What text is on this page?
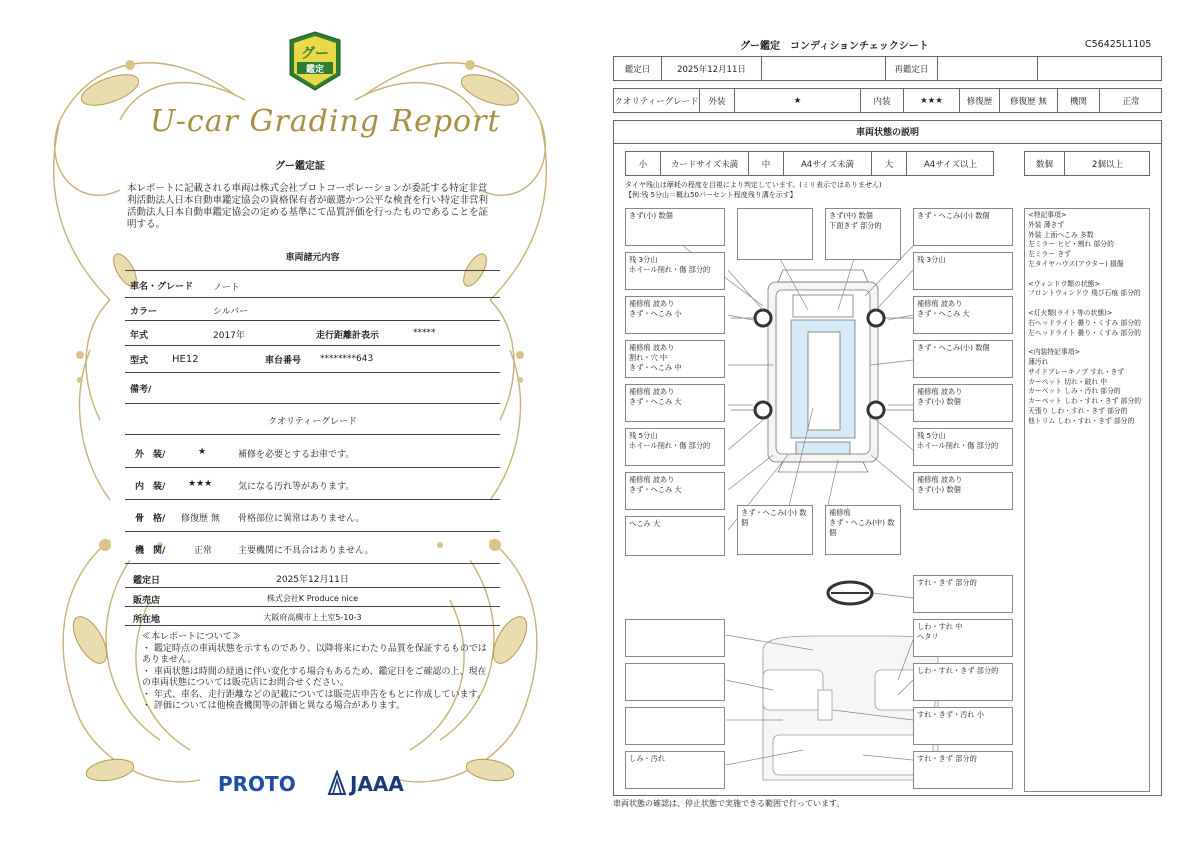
グー
鑑定
U-car Grading Report
グー鑑定証
本レポートに記載される車両は株式会社プロトコーポレーションが委託する特定非営利活動法人日本自動車鑑定協会の資格保有者が厳選かつ公平な検査を行い特定非営利活動法人日本自動車鑑定協会の定める基準にて品質評価を行ったものであることを証明する。
車両諸元内容
車名・グレード ノート
カラー	シルバー
年式	2017年	走行距離計表示	*****
型式 HE12	車台番号 ********643
備考/
クオリティーグレード
外　装/	★	補修を必要とするお車です。
内　装/	★★★	気になる汚れ等があります。
骨　格/ 修復歴 無 骨格部位に異常はありません。
機　関/	正常	主要機関に不具合はありません。
鑑定日	2025年12月11日
販売店	株式会社K Produce nice
所在地	大阪府高槻市上土室5-10-3
≪本レポートについて≫
・ 鑑定時点の車両状態を示すものであり、以降将来にわたり品質を保証するものではありません。
・ 車両状態は時間の経過に伴い変化する場合もあるため、鑑定日をご確認の上、現在の車両状態については販売店にお問合せください。
・ 年式、車名、走行距離などの記載については販売店申告をもとに作成しています。
・ 評価については他検査機関等の評価と異なる場合があります。
PROTO	JAAA
グー鑑定　コンディションチェックシート	C56425L1105
鑑定日	2025年12月11日	再鑑定日
クオリティーグレード	外装	★	内装	★★★	修復歴	修復歴 無	機関	正常
車両状態の説明
小	カードサイズ未満	中	A4サイズ未満	大	A4サイズ以上	数個	2個以上
タイヤ残山は摩耗の程度を目視により判定しています。(ミリ表示ではありません)
【例:残 5分山＝概ね50パーセント程度残り溝を示す】
きず(小) 数個	きず(中) 数個
下面きず 部分的
きず・へこみ(小) 数個
残 3分山
ホイール削れ・傷 部分的
残 3分山
補修痕 波あり
きず・へこみ 小
補修痕 波あり
きず・へこみ 大
補修痕 波あり
割れ・穴 中
きず・へこみ 中
きず・へこみ(小) 数個
補修痕 波あり
きず・へこみ 大
補修痕 波あり
きず(小) 数個
残 5分山
ホイール削れ・傷 部分的
残 5分山
ホイール削れ・傷 部分的
補修痕 波あり
きず・へこみ 大
補修痕 波あり
きず(小) 数個
へこみ 大
きず・へこみ(小) 数個
補修痕
きず・へこみ(中) 数個
<特記事項>
外装 薄きず
外装 上面へこみ 多数
左ミラー ヒビ・割れ 部分的
左ミラー きず
左タイヤハウス(アウター) 損傷

<ウィンドウ類の状態>
フロントウィンドウ 飛び石痕 部分的

<灯火類(ライト等の状態)>
右ヘッドライト 曇り・くすみ 部分的
左ヘッドライト 曇り・くすみ 部分的

<内装特記事項>
薄汚れ
サイドブレーキノブ すれ・きず
カーペット 切れ・破れ 中
カーペット しみ・汚れ 部分的
カーペット しわ・すれ・きず 部分的
天張り しわ・すれ・きず 部分的
他トリム しわ・すれ・きず 部分的
すれ・きず 部分的
しわ・すれ 中
ヘタリ
しわ・すれ・きず 部分的
すれ・きず・汚れ 小
しみ・汚れ	すれ・きず 部分的
車両状態の確認は、停止状態で実施できる範囲で行っています。
